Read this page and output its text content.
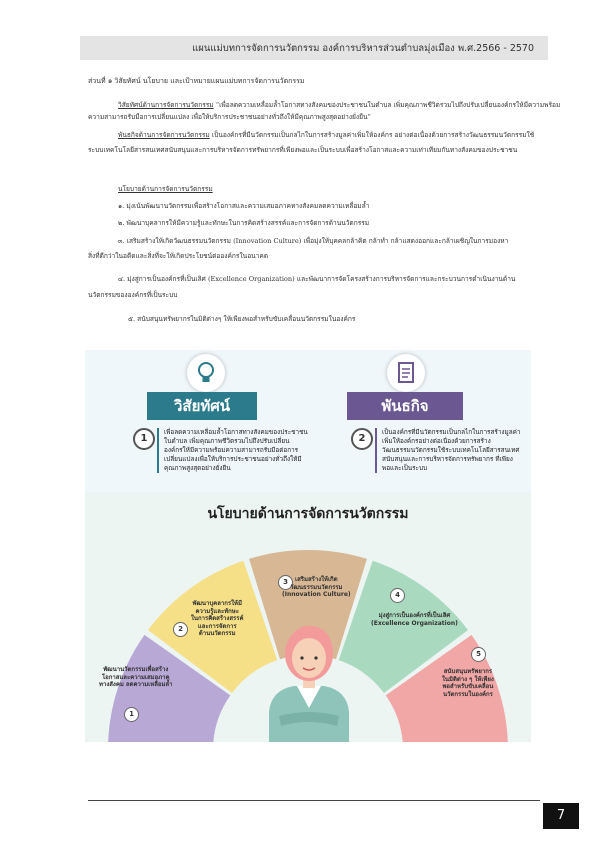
แผนแม่บทการจัดการนวัตกรรม องค์การบริหารส่วนตำบลมุ่งเมือง พ.ศ.2566 - 2570
ส่วนที่ ๑ วิสัยทัศน์ นโยบาย และเป้าหมายแผนแม่บทการจัดการนวัตกรรม
วิสัยทัศน์ด้านการจัดการนวัตกรรม “เพื่อลดความเหลื่อมล้ำโอกาสทางสังคมของประชาชนในตำบล เพิ่มคุณภาพชีวิตรวมไปถึงปรับเปลี่ยนองค์กรให้มีความพร้อม
ความสามารถรับมือการเปลี่ยนแปลง เพื่อให้บริการประชาชนอย่างทั่วถึงให้มีคุณภาพสูงสุดอย่างยั่งยืน”
พันธกิจด้านการจัดการนวัตกรรม เป็นองค์กรที่มีนวัตกรรมเป็นกลไกในการสร้างมูลค่าเพิ่มให้องค์กร อย่างต่อเนื่องด้วยการสร้างวัฒนธรรมนวัตกรรมใช้
ระบบเทคโนโลยีสารสนเทศสนับสนุนและการบริหารจัดการทรัพยากรที่เพียงพอและเป็นระบบเพื่อสร้างโอกาสและความเท่าเทียมกันทางสังคมของประชาชน
นโยบายด้านการจัดการนวัตกรรม
๑. มุ่งเน้นพัฒนานวัตกรรมเพื่อสร้างโอกาสและความเสมอภาคทางสังคมลดความเหลื่อมล้ำ
๒. พัฒนาบุคลากรให้มีความรู้และทักษะในการคิดสร้างสรรค์และการจัดการด้านนวัตกรรม
๓. เสริมสร้างให้เกิดวัฒนธรรมนวัตกรรม (Innovation Culture) เพื่อมุ่งให้บุคคลกล้าคิด กล้าทำ กล้าแสดงออกและกล้าเผชิญในการมองหา
สิ่งที่ดีกว่าในอดีตและสิ่งที่จะให้เกิดประโยชน์ต่อองค์กรในอนาคต
๔. มุ่งสู่การเป็นองค์กรที่เป็นเลิศ (Excellence Organization) และพัฒนาการจัดโครงสร้างการบริหารจัดการและกระบวนการดำเนินงานด้าน
นวัตกรรมขององค์กรที่เป็นระบบ
๕. สนับสนุนทรัพยากรในมิติต่างๆ ให้เพียงพอสำหรับขับเคลื่อนนวัตกรรมในองค์กร
วิสัยทัศน์	พันธกิจ
1
เพื่อลดความเหลื่อมล้ำโอกาสทางสังคมของประชาชน
ในตำบล เพิ่มคุณภาพชีวิตรวมไปถึงปรับเปลี่ยน
องค์กรให้มีความพร้อมความสามารถรับมือต่อการ
เปลี่ยนแปลงเพื่อให้บริการประชาชนอย่างทั่วถึงให้มี
คุณภาพสูงสุดอย่างยั่งยืน
2
เป็นองค์กรที่มีนวัตกรรมเป็นกลไกในการสร้างมูลค่า
เพิ่มให้องค์กรอย่างต่อเนื่องด้วยการสร้าง
วัฒนธรรมนวัตกรรมใช้ระบบเทคโนโลยีสารสนเทศ
สนับสนุนและการบริหารจัดการทรัพยากร ที่เพียง
พอและเป็นระบบ
นโยบายด้านการจัดการนวัตกรรม
1
2
3
4
5
พัฒนานวัตกรรมเพื่อสร้าง
โอกาสและความเสมอภาค
ทางสังคม ลดความเหลื่อมล้ำ
พัฒนาบุคลากรให้มี
ความรู้และทักษะ
ในการคิดสร้างสรรค์
และการจัดการ
ด้านนวัตกรรม
เสริมสร้างให้เกิด
วัฒนธรรมนวัตกรรม
(Innovation Culture)
มุ่งสู่การเป็นองค์กรที่เป็นเลิศ
(Excellence Organization)
สนับสนุนทรัพยากร
ในมิติต่าง ๆ ให้เพียง
พอสำหรับขับเคลื่อน
นวัตกรรมในองค์กร
7
